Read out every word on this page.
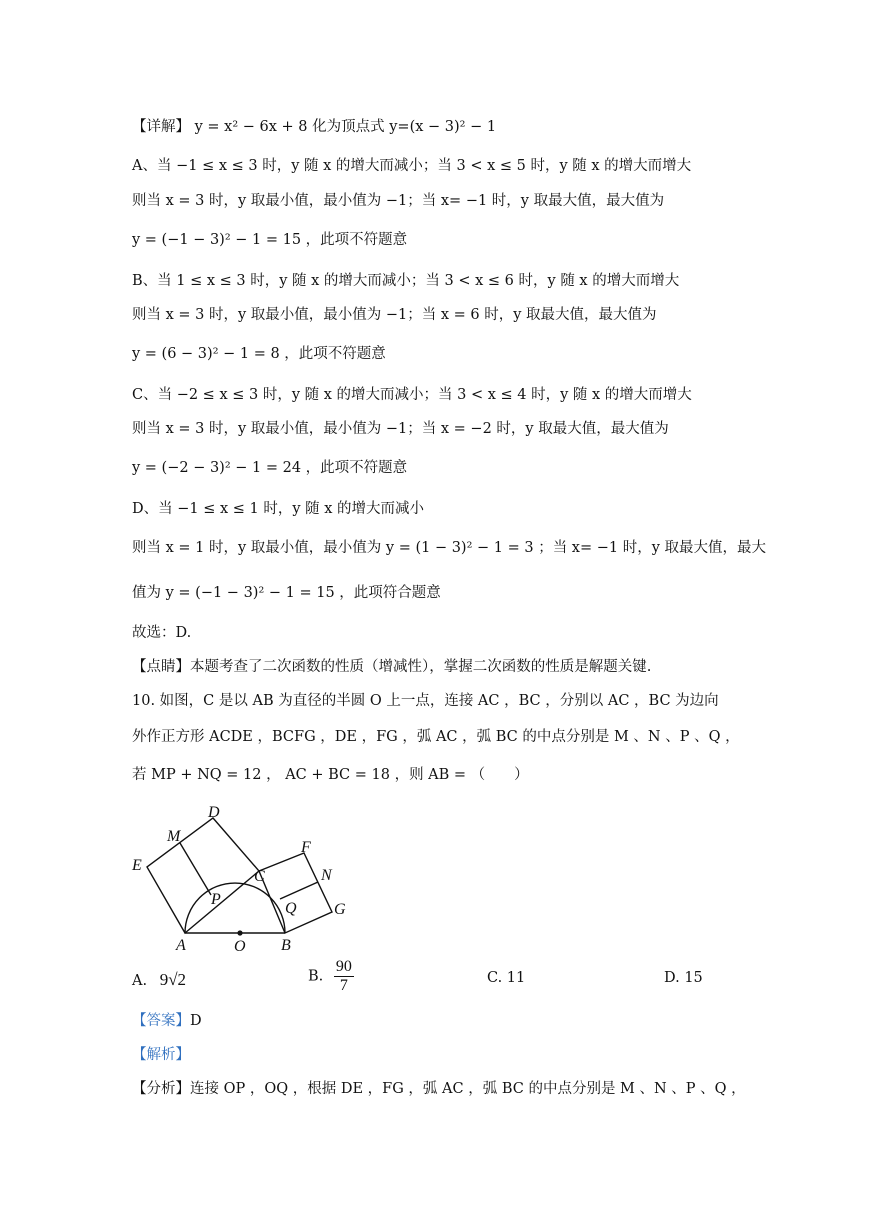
【详解】 y = x² − 6x + 8 化为顶点式 y=(x − 3)² − 1
A、当 −1 ≤ x ≤ 3 时，y 随 x 的增大而减小；当 3 < x ≤ 5 时，y 随 x 的增大而增大
则当 x = 3 时，y 取最小值，最小值为 −1；当 x= −1 时，y 取最大值，最大值为
y = (−1 − 3)² − 1 = 15 ，此项不符题意
B、当 1 ≤ x ≤ 3 时，y 随 x 的增大而减小；当 3 < x ≤ 6 时，y 随 x 的增大而增大
则当 x = 3 时，y 取最小值，最小值为 −1；当 x = 6 时，y 取最大值，最大值为
y = (6 − 3)² − 1 = 8 ，此项不符题意
C、当 −2 ≤ x ≤ 3 时，y 随 x 的增大而减小；当 3 < x ≤ 4 时，y 随 x 的增大而增大
则当 x = 3 时，y 取最小值，最小值为 −1；当 x = −2 时，y 取最大值，最大值为
y = (−2 − 3)² − 1 = 24 ，此项不符题意
D、当 −1 ≤ x ≤ 1 时，y 随 x 的增大而减小
则当 x = 1 时，y 取最小值，最小值为 y = (1 − 3)² − 1 = 3 ；当 x= −1 时，y 取最大值，最大
值为 y = (−1 − 3)² − 1 = 15 ，此项符合题意
故选：D.
【点睛】本题考查了二次函数的性质（增减性），掌握二次函数的性质是解题关键.
10. 如图，C 是以 AB 为直径的半圆 O 上一点，连接 AC ，BC ，分别以 AC ，BC 为边向
外作正方形 ACDE ，BCFG ，DE ，FG ，弧 AC ，弧 BC 的中点分别是 M 、N 、P 、Q ，
若 MP + NQ = 12 ， AC + BC = 18 ，则 AB = （　　）
A	B
C
D
E
F
G
M
N
O
P
Q
A. 9√2	B. $\frac{90}{7}$	C. 11	D. 15
【答案】D
【解析】
【分析】连接 OP ，OQ ，根据 DE ，FG ，弧 AC ，弧 BC 的中点分别是 M 、N 、P 、Q ，
